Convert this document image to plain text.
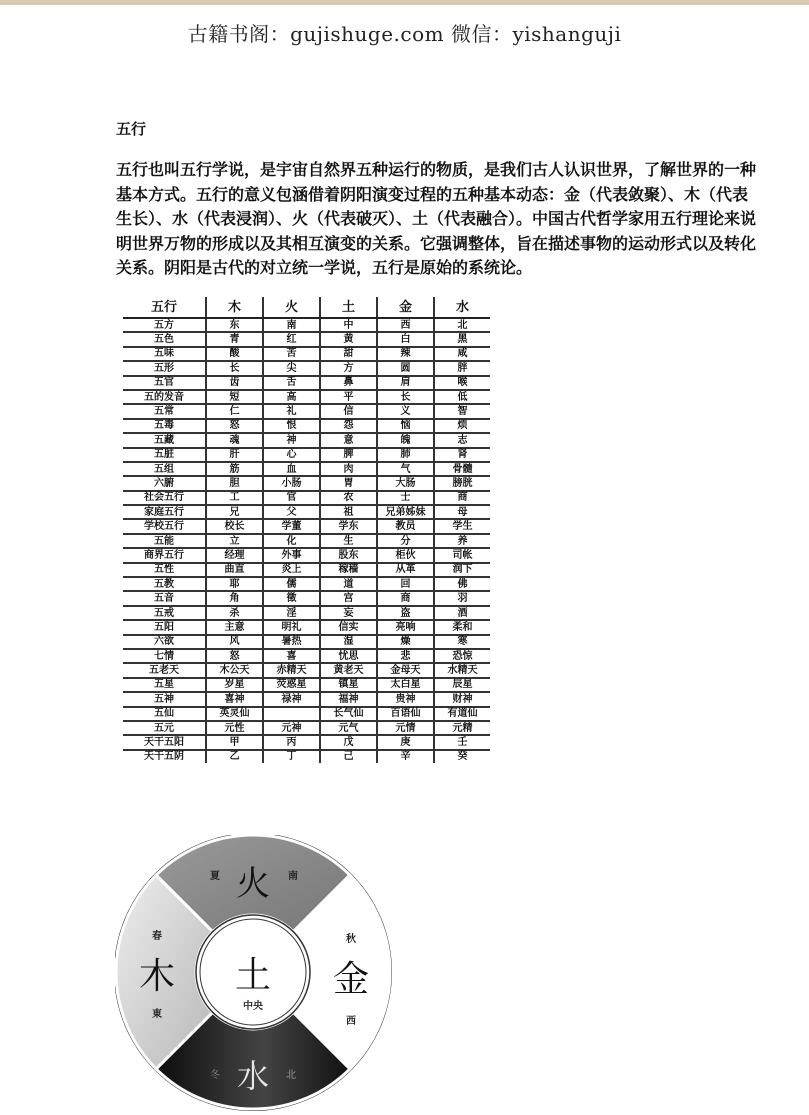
古籍书阁：gujishuge.com 微信：yishanguji
五行
五行也叫五行学说，是宇宙自然界五种运行的物质，是我们古人认识世界，了解世界的一种
基本方式。五行的意义包涵借着阴阳演变过程的五种基本动态：金（代表敛聚）、木（代表
生长）、水（代表浸润）、火（代表破灭）、土（代表融合）。中国古代哲学家用五行理论来说
明世界万物的形成以及其相互演变的关系。它强调整体，旨在描述事物的运动形式以及转化
关系。阴阳是古代的对立统一学说，五行是原始的系统论。
五行	木	火	土	金	水
五方	东	南	中	西	北
五色	青	红	黄	白	黑
五味	酸	苦	甜	辣	咸
五形	长	尖	方	圆	胖
五官	齿	舌	鼻	肩	喉
五的发音	短	高	平	长	低
五常	仁	礼	信	义	智
五毒	怒	恨	怨	恼	烦
五藏	魂	神	意	魄	志
五脏	肝	心	脾	肺	肾
五组	筋	血	肉	气	骨髓
六腑	胆	小肠	胃	大肠	膀胱
社会五行	工	官	农	士	商
家庭五行	兄	父	祖	兄弟姊妹	母
学校五行	校长	学董	学东	教员	学生
五能	立	化	生	分	养
商界五行	经理	外事	股东	柜伙	司帐
五性	曲直	炎上	稼穑	从革	润下
五教	耶	儒	道	回	佛
五音	角	徵	宫	商	羽
五戒	杀	淫	妄	盗	酒
五阳	主意	明礼	信实	亮响	柔和
六欲	风	暑热	湿	燥	寒
七情	怒	喜	忧思	悲	恐惊
五老天	木公天	赤精天	黄老天	金母天	水精天
五星	岁星	荧惑星	镇星	太白星	辰星
五神	喜神	禄神	福神	贵神	财神
五仙	英灵仙		长气仙	百语仙	有道仙
五元	元性	元神	元气	元情	元精
天干五阳	甲	丙	戊	庚	壬
天干五阴	乙	丁	己	辛	癸
火
夏	南
木
春
東
金
秋
西
水
冬	北
土
中央
